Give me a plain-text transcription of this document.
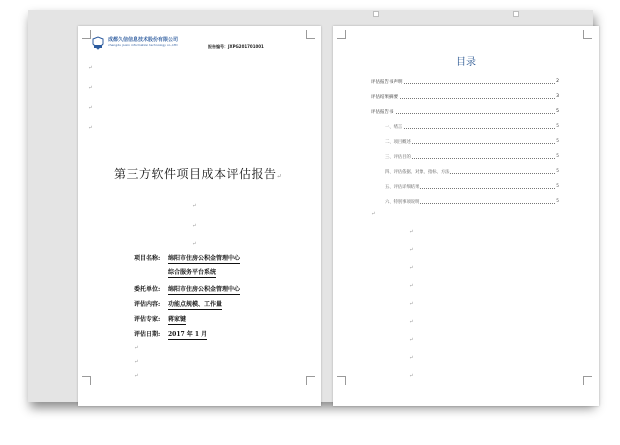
成都久信信息技术股份有限公司
chengdu jiuxin information technology co.,LTD	报告编号：JXPG201701001
↵
↵
↵
↵
第三方软件项目成本评估报告↵
↵
↵
↵
项目名称: 绵阳市住房公积金管理中心
综合服务平台系统
委托单位: 绵阳市住房公积金管理中心
评估内容: 功能点规模、工作量
评估专家: 蒋家键
评估日期: 2017 年 1 月
↵
↵
↵
目录
评估报告书声明	2
评估结果摘要	3
评估报告书	5
一、绪言	5
二、项目概述	5
三、评估目的	5
四、评估依据、对象、指标、方法	5
五、评估详细结果	5
六、特别事项说明	5
↵
↵
↵
↵
↵
↵
↵
↵
↵
↵
